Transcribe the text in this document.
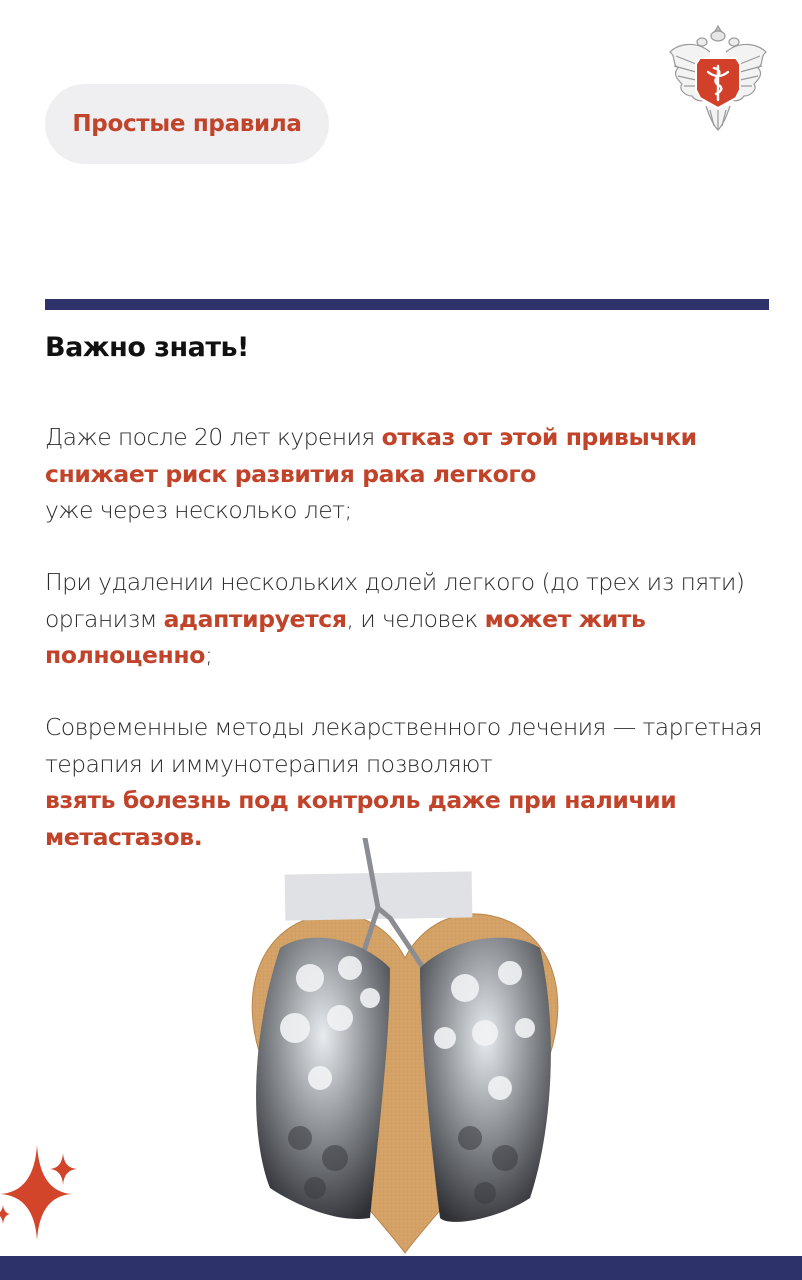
Простые правила
Важно знать!
Даже после 20 лет курения отказ от этой привычки снижает риск развития рака легкого
уже через несколько лет;
При удалении нескольких долей легкого (до трех из пяти) организм адаптируется, и человек может жить полноценно;
Современные методы лекарственного лечения — таргетная терапия и иммунотерапия позволяют
взять болезнь под контроль даже при наличии метастазов.
